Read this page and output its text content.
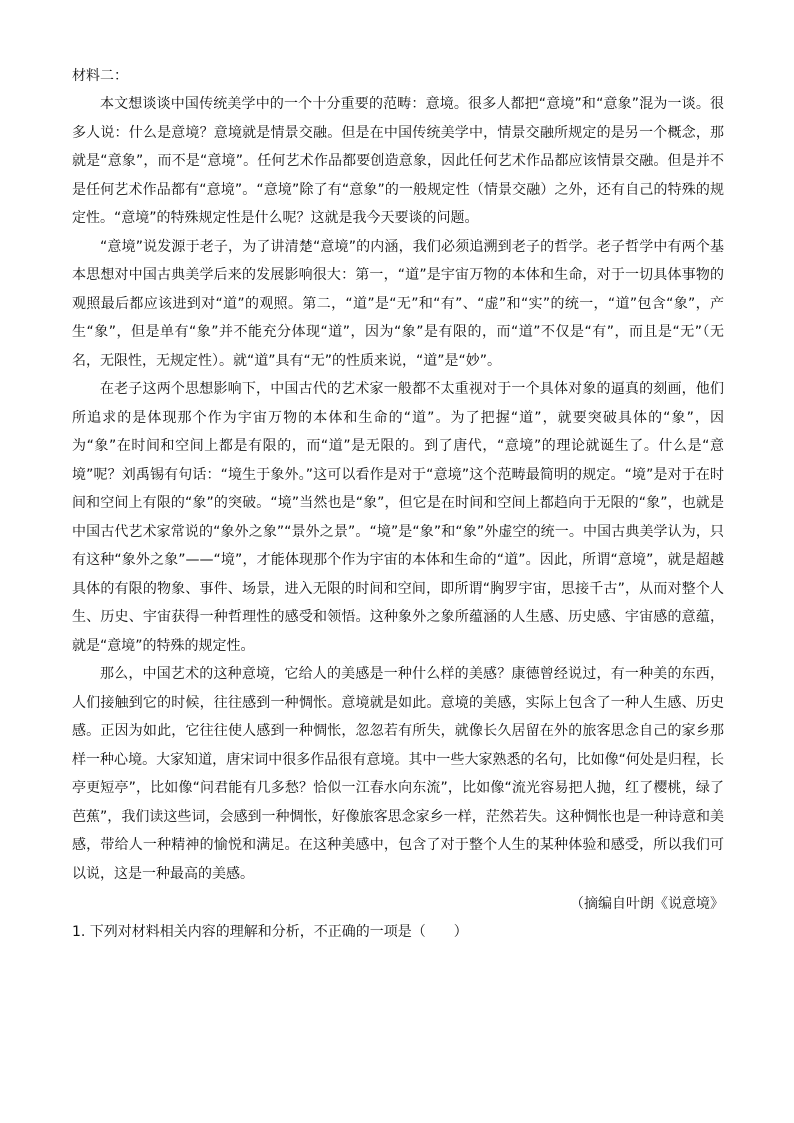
材料二：

本文想谈谈中国传统美学中的一个十分重要的范畴：意境。很多人都把“意境”和“意象”混为一谈。很多人说：什么是意境？意境就是情景交融。但是在中国传统美学中，情景交融所规定的是另一个概念，那就是“意象”，而不是“意境”。任何艺术作品都要创造意象，因此任何艺术作品都应该情景交融。但是并不是任何艺术作品都有“意境”。“意境”除了有“意象”的一般规定性（情景交融）之外，还有自己的特殊的规定性。“意境”的特殊规定性是什么呢？这就是我今天要谈的问题。

“意境”说发源于老子，为了讲清楚“意境”的内涵，我们必须追溯到老子的哲学。老子哲学中有两个基本思想对中国古典美学后来的发展影响很大：第一，“道”是宇宙万物的本体和生命，对于一切具体事物的观照最后都应该进到对“道”的观照。第二，“道”是“无”和“有”、“虚”和“实”的统一，“道”包含“象”，产生“象”，但是单有“象”并不能充分体现“道”，因为“象”是有限的，而“道”不仅是“有”，而且是“无”（无名，无限性，无规定性）。就“道”具有“无”的性质来说，“道”是“妙”。

在老子这两个思想影响下，中国古代的艺术家一般都不太重视对于一个具体对象的逼真的刻画，他们所追求的是体现那个作为宇宙万物的本体和生命的“道”。为了把握“道”，就要突破具体的“象”，因为“象”在时间和空间上都是有限的，而“道”是无限的。到了唐代，“意境”的理论就诞生了。什么是“意境”呢？刘禹锡有句话：“境生于象外。”这可以看作是对于“意境”这个范畴最简明的规定。“境”是对于在时间和空间上有限的“象”的突破。“境”当然也是“象”，但它是在时间和空间上都趋向于无限的“象”，也就是中国古代艺术家常说的“象外之象”“景外之景”。“境”是“象”和“象”外虚空的统一。中国古典美学认为，只有这种“象外之象”——“境”，才能体现那个作为宇宙的本体和生命的“道”。因此，所谓“意境”，就是超越具体的有限的物象、事件、场景，进入无限的时间和空间，即所谓“胸罗宇宙，思接千古”，从而对整个人生、历史、宇宙获得一种哲理性的感受和领悟。这种象外之象所蕴涵的人生感、历史感、宇宙感的意蕴，就是“意境”的特殊的规定性。

那么，中国艺术的这种意境，它给人的美感是一种什么样的美感？康德曾经说过，有一种美的东西，人们接触到它的时候，往往感到一种惆怅。意境就是如此。意境的美感，实际上包含了一种人生感、历史感。正因为如此，它往往使人感到一种惆怅，忽忽若有所失，就像长久居留在外的旅客思念自己的家乡那样一种心境。大家知道，唐宋词中很多作品很有意境。其中一些大家熟悉的名句，比如像“何处是归程，长亭更短亭”，比如像“问君能有几多愁？恰似一江春水向东流”，比如像“流光容易把人抛，红了樱桃，绿了芭蕉”，我们读这些词，会感到一种惆怅，好像旅客思念家乡一样，茫然若失。这种惆怅也是一种诗意和美感，带给人一种精神的愉悦和满足。在这种美感中，包含了对于整个人生的某种体验和感受，所以我们可以说，这是一种最高的美感。

（摘编自叶朗《说意境》

1. 下列对材料相关内容的理解和分析，不正确的一项是（　　）
